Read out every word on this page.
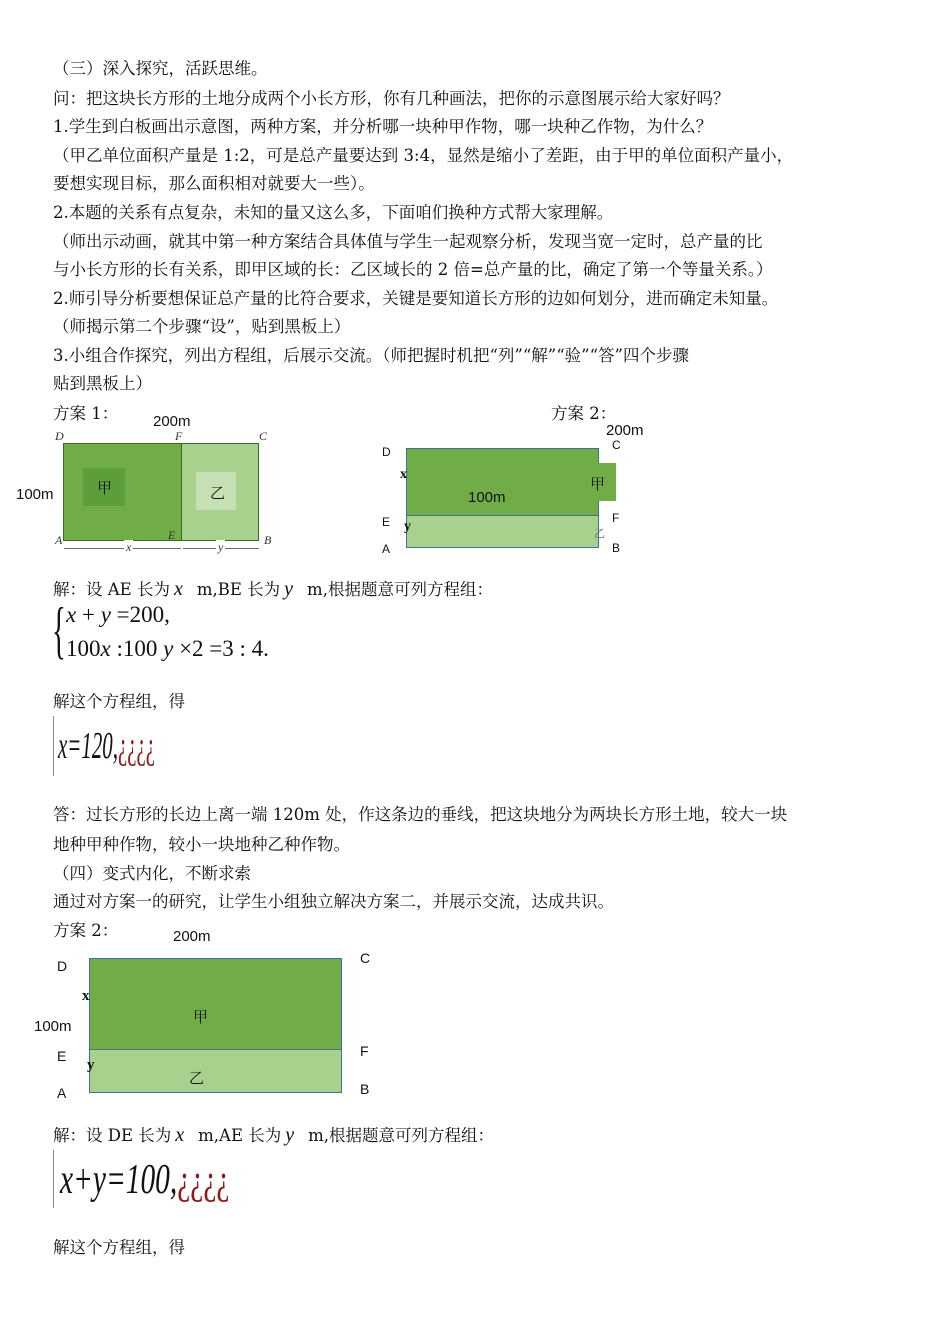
（三）深入探究，活跃思维。
问：把这块长方形的土地分成两个小长方形，你有几种画法，把你的示意图展示给大家好吗？
1.学生到白板画出示意图，两种方案，并分析哪一块种甲作物，哪一块种乙作物，为什么？
（甲乙单位面积产量是 1:2，可是总产量要达到 3:4，显然是缩小了差距，由于甲的单位面积产量小，
要想实现目标，那么面积相对就要大一些）。
2.本题的关系有点复杂，未知的量又这么多，下面咱们换种方式帮大家理解。
（师出示动画，就其中第一种方案结合具体值与学生一起观察分析，发现当宽一定时，总产量的比
与小长方形的长有关系，即甲区域的长：乙区域长的 2 倍=总产量的比，确定了第一个等量关系。）
2.师引导分析要想保证总产量的比符合要求，关键是要知道长方形的边如何划分，进而确定未知量。
（师揭示第二个步骤“设”，贴到黑板上）
3.小组合作探究，列出方程组，后展示交流。（师把握时机把“列”“解”“验”“答”四个步骤
贴到黑板上）
方案 1： 200m
D	F	C
100m	甲	乙
A	E	B
x	y
方案 2：
200m
D	C
甲
x
100m
E y	乙
F
A	B
解：设 AE 长为 x m,BE 长为 y m,根据题意可列方程组：
{ x + y =200,
100x :100 y ×2 =3 : 4.
解这个方程组，得
x=120,¿¿¿¿
答：过长方形的长边上离一端 120m 处，作这条边的垂线，把这块地分为两块长方形土地，较大一块
地种甲种作物，较小一块地种乙种作物。
（四）变式内化，不断求索
通过对方案一的研究，让学生小组独立解决方案二，并展示交流，达成共识。
方案 2：	200m
D	C
x
甲
100m
E	F
y
乙
A	B
解：设 DE 长为 x m,AE 长为 y m,根据题意可列方程组：
x+y=100,¿¿¿¿
解这个方程组，得
